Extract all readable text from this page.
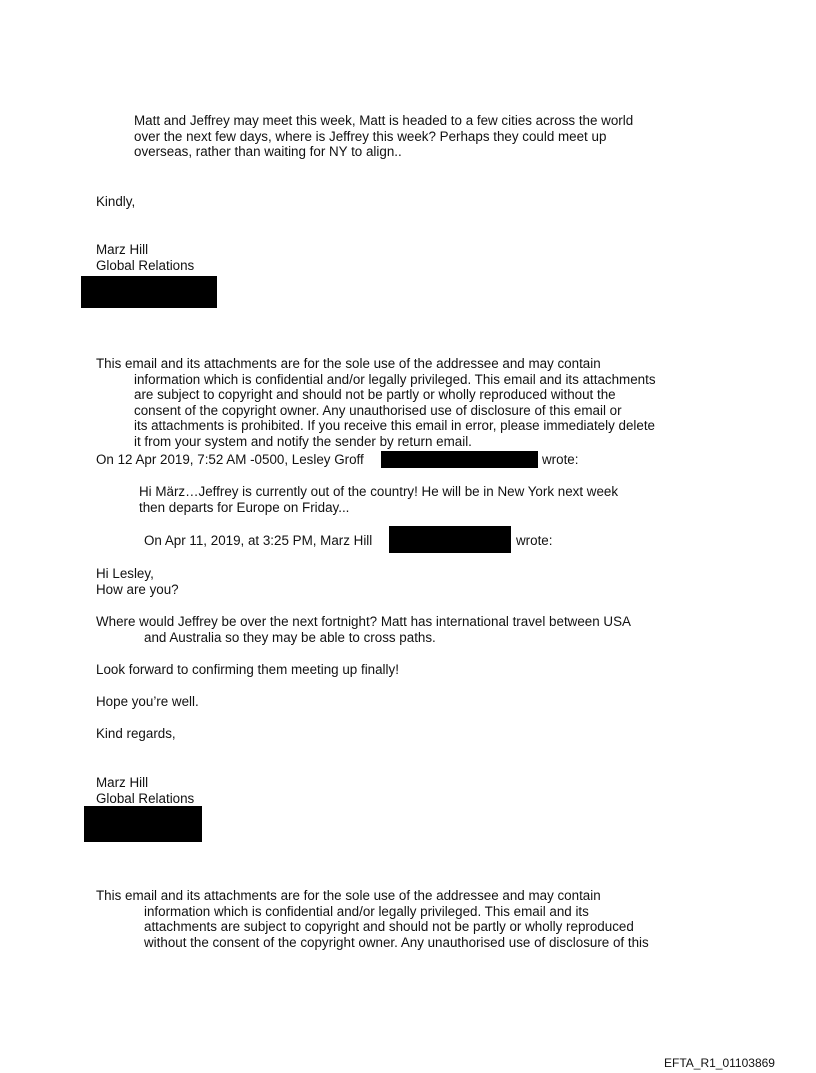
Matt and Jeffrey may meet this week, Matt is headed to a few cities across the world
over the next few days, where is Jeffrey this week? Perhaps they could meet up
overseas, rather than waiting for NY to align..
Kindly,
Marz Hill
Global Relations
This email and its attachments are for the sole use of the addressee and may contain
information which is confidential and/or legally privileged. This email and its attachments
are subject to copyright and should not be partly or wholly reproduced without the
consent of the copyright owner. Any unauthorised use of disclosure of this email or
its attachments is prohibited. If you receive this email in error, please immediately delete
it from your system and notify the sender by return email.
On 12 Apr 2019, 7:52 AM -0500, Lesley Groff	wrote:
Hi März…Jeffrey is currently out of the country! He will be in New York next week
then departs for Europe on Friday...
On Apr 11, 2019, at 3:25 PM, Marz Hill	wrote:
Hi Lesley,
How are you?
Where would Jeffrey be over the next fortnight? Matt has international travel between USA
and Australia so they may be able to cross paths.
Look forward to confirming them meeting up finally!
Hope you’re well.
Kind regards,
Marz Hill
Global Relations
This email and its attachments are for the sole use of the addressee and may contain
information which is confidential and/or legally privileged. This email and its
attachments are subject to copyright and should not be partly or wholly reproduced
without the consent of the copyright owner. Any unauthorised use of disclosure of this
EFTA_R1_01103869
